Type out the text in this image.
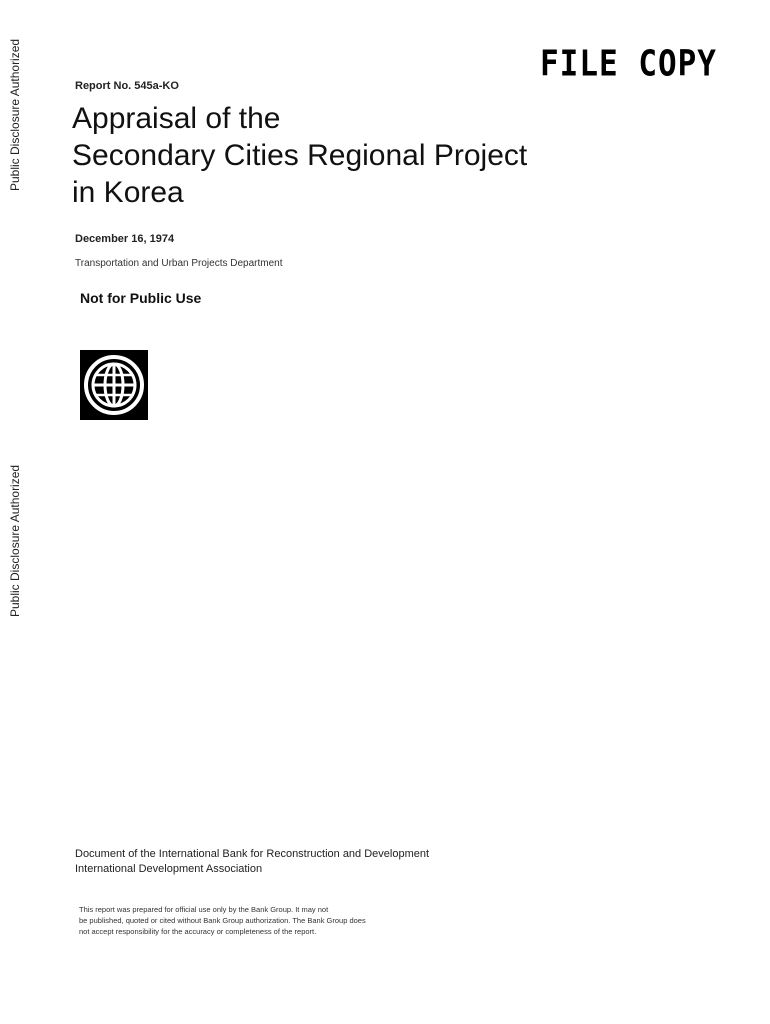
Public Disclosure Authorized
Public Disclosure Authorized
FILE COPY
Report No. 545a-KO
Appraisal of the
Secondary Cities Regional Project
in Korea
December 16, 1974
Transportation and Urban Projects Department
Not for Public Use
Document of the International Bank for Reconstruction and Development
International Development Association
This report was prepared for official use only by the Bank Group. It may not
be published, quoted or cited without Bank Group authorization. The Bank Group does
not accept responsibility for the accuracy or completeness of the report.
